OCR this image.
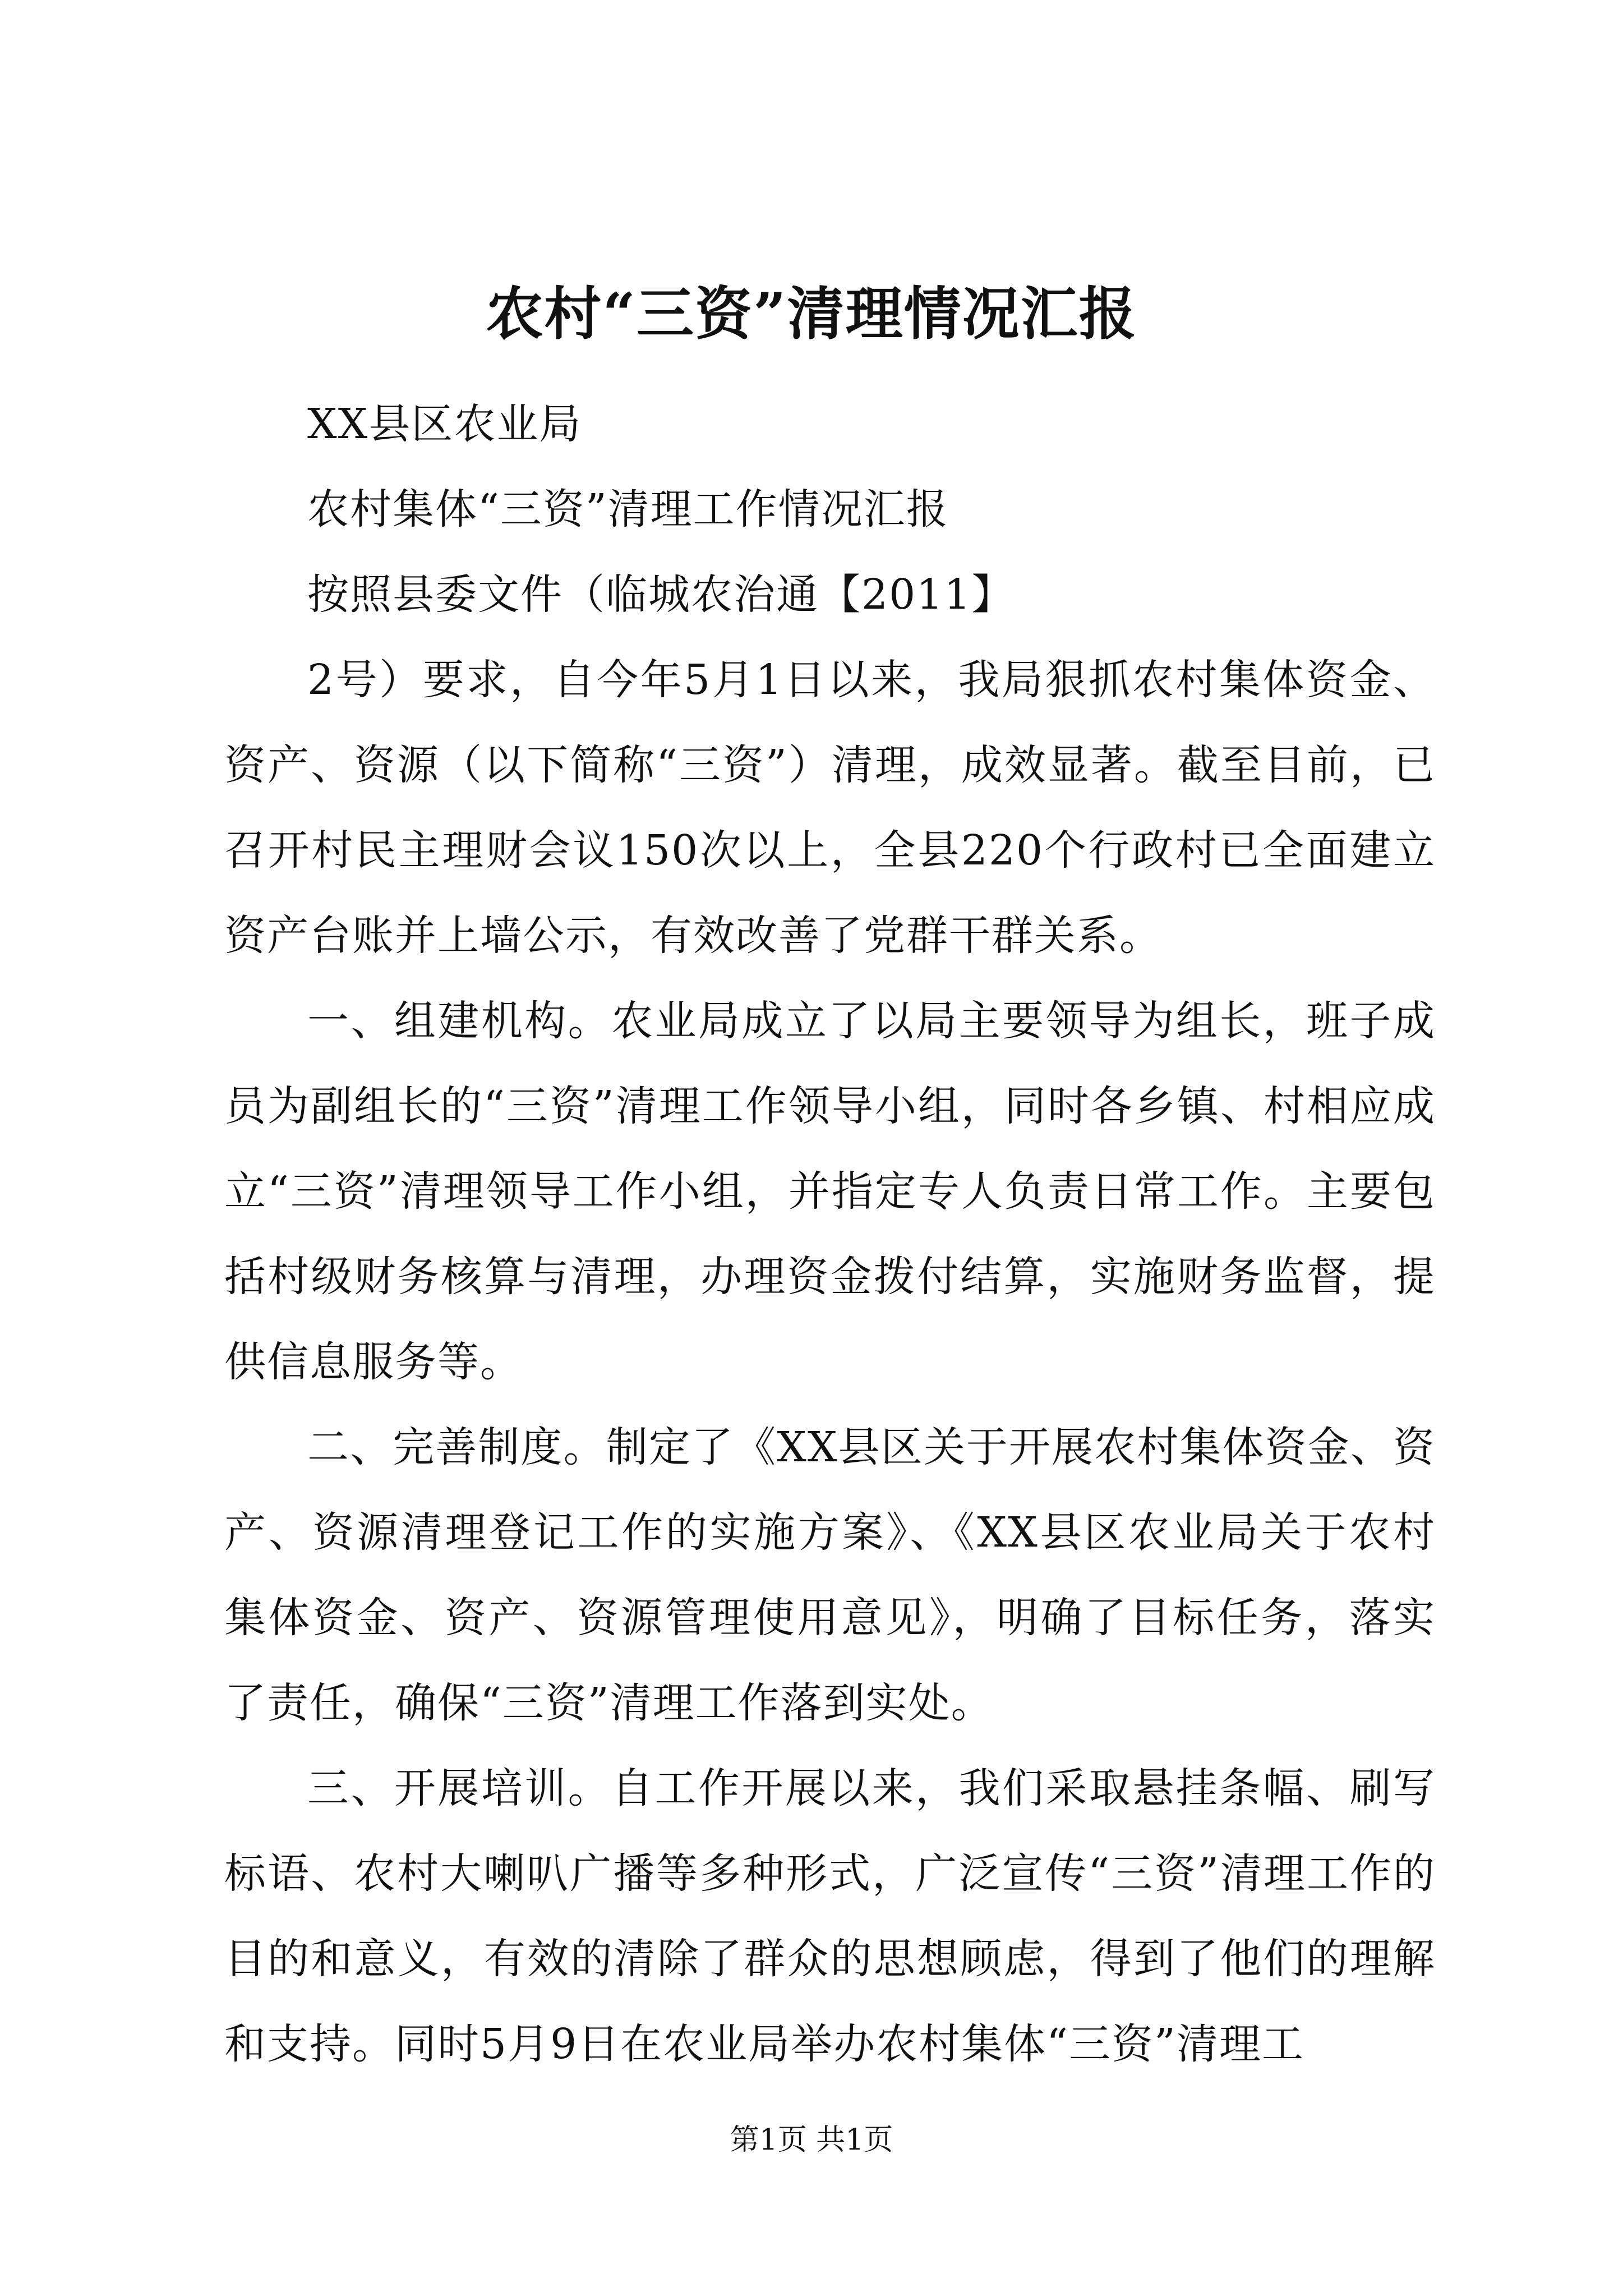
农村“三资”清理情况汇报

XX县区农业局

农村集体“三资”清理工作情况汇报

按照县委文件（临城农治通【2011】

2号）要求，自今年5月1日以来，我局狠抓农村集体资金、资产、资源（以下简称“三资”）清理，成效显著。截至目前，已召开村民主理财会议150次以上，全县220个行政村已全面建立资产台账并上墙公示，有效改善了党群干群关系。

一、组建机构。农业局成立了以局主要领导为组长，班子成员为副组长的“三资”清理工作领导小组，同时各乡镇、村相应成立“三资”清理领导工作小组，并指定专人负责日常工作。主要包括村级财务核算与清理，办理资金拨付结算，实施财务监督，提供信息服务等。

二、完善制度。制定了《XX县区关于开展农村集体资金、资产、资源清理登记工作的实施方案》、《XX县区农业局关于农村集体资金、资产、资源管理使用意见》，明确了目标任务，落实了责任，确保“三资”清理工作落到实处。

三、开展培训。自工作开展以来，我们采取悬挂条幅、刷写标语、农村大喇叭广播等多种形式，广泛宣传“三资”清理工作的目的和意义，有效的清除了群众的思想顾虑，得到了他们的理解和支持。同时5月9日在农业局举办农村集体“三资”清理工

第1页 共1页
